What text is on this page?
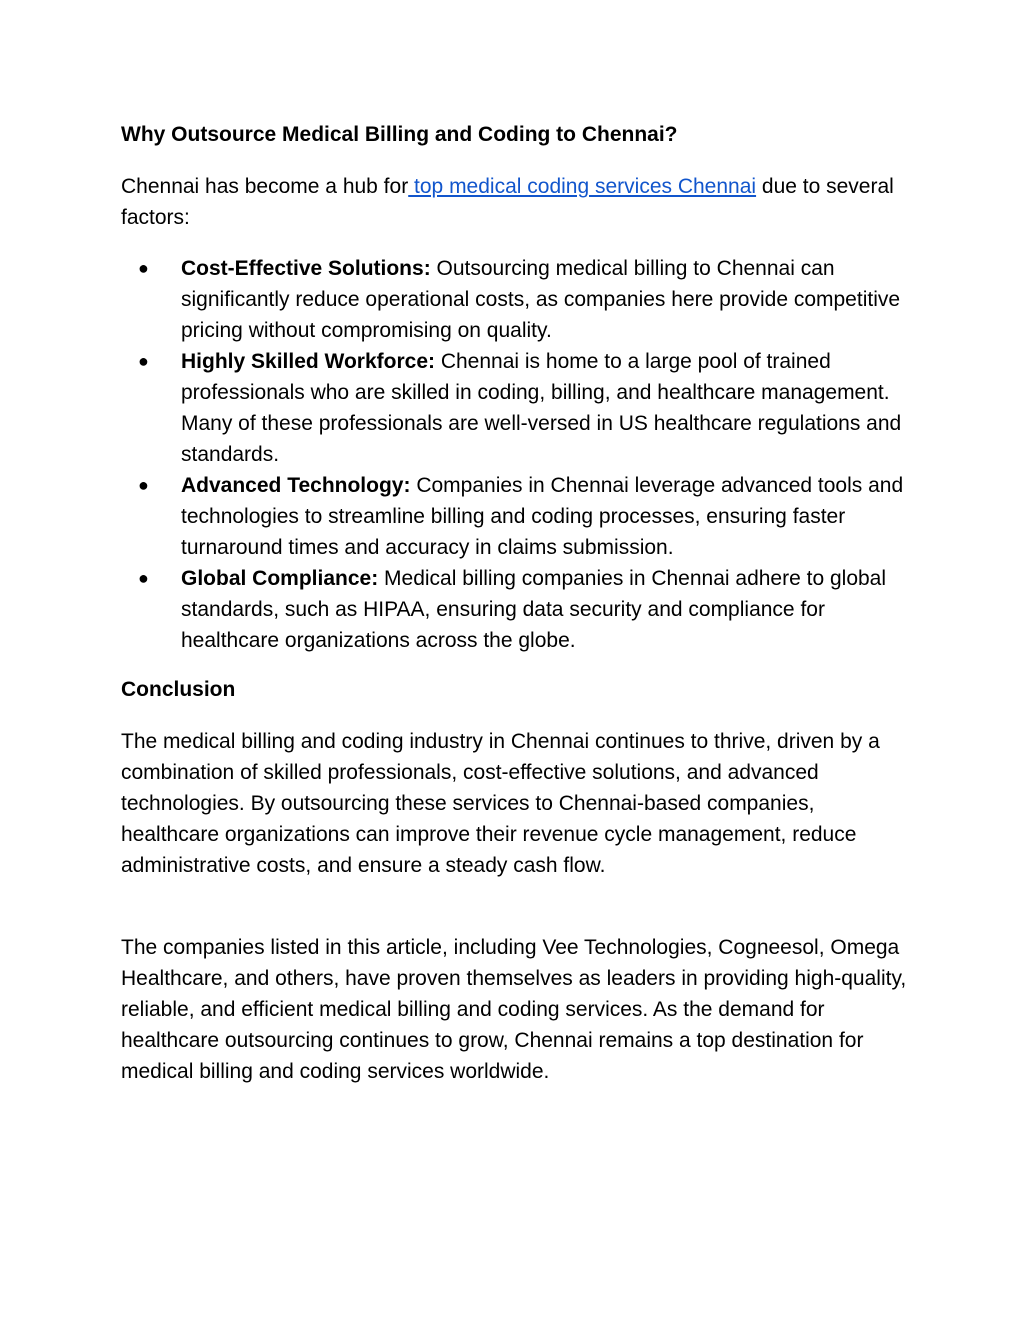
Why Outsource Medical Billing and Coding to Chennai?

Chennai has become a hub for top medical coding services Chennai due to several factors:

● Cost-Effective Solutions: Outsourcing medical billing to Chennai can significantly reduce operational costs, as companies here provide competitive pricing without compromising on quality.
● Highly Skilled Workforce: Chennai is home to a large pool of trained professionals who are skilled in coding, billing, and healthcare management. Many of these professionals are well-versed in US healthcare regulations and standards.
● Advanced Technology: Companies in Chennai leverage advanced tools and technologies to streamline billing and coding processes, ensuring faster turnaround times and accuracy in claims submission.
● Global Compliance: Medical billing companies in Chennai adhere to global standards, such as HIPAA, ensuring data security and compliance for healthcare organizations across the globe.
Conclusion

The medical billing and coding industry in Chennai continues to thrive, driven by a combination of skilled professionals, cost-effective solutions, and advanced technologies. By outsourcing these services to Chennai-based companies, healthcare organizations can improve their revenue cycle management, reduce administrative costs, and ensure a steady cash flow.

The companies listed in this article, including Vee Technologies, Cogneesol, Omega Healthcare, and others, have proven themselves as leaders in providing high-quality, reliable, and efficient medical billing and coding services. As the demand for healthcare outsourcing continues to grow, Chennai remains a top destination for medical billing and coding services worldwide.
